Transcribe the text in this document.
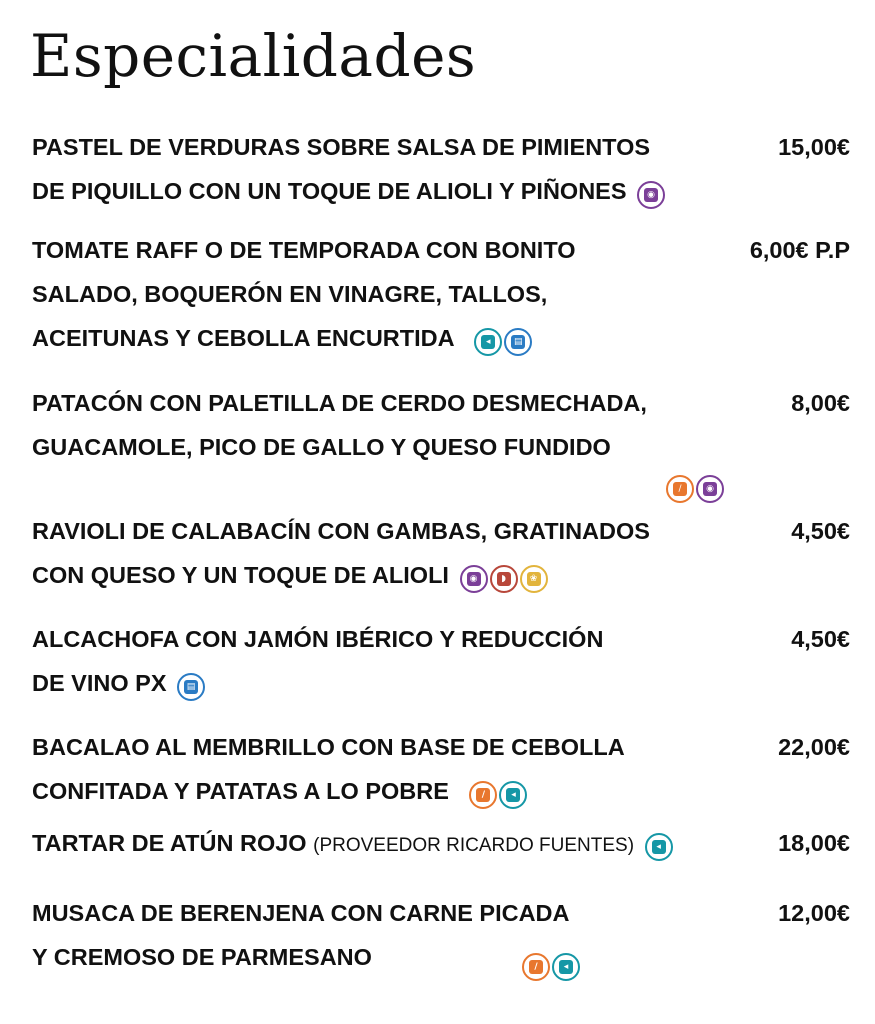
Especialidades
PASTEL DE VERDURAS SOBRE SALSA DE PIMIENTOS	15,00€
DE PIQUILLO CON UN TOQUE DE ALIOLI Y PIÑONES	◉
TOMATE RAFF O DE TEMPORADA CON BONITO	6,00€ P.P
SALADO, BOQUERÓN EN VINAGRE, TALLOS,
ACEITUNAS Y CEBOLLA ENCURTIDA	◂	▤
PATACÓN CON PALETILLA DE CERDO DESMECHADA,	8,00€
GUACAMOLE, PICO DE GALLO Y QUESO FUNDIDO
/	◉
RAVIOLI DE CALABACÍN CON GAMBAS, GRATINADOS	4,50€
CON QUESO Y UN TOQUE DE ALIOLI	◉	◗	❀
ALCACHOFA CON JAMÓN IBÉRICO Y REDUCCIÓN	4,50€
DE VINO PX	▤
BACALAO AL MEMBRILLO CON BASE DE CEBOLLA	22,00€
CONFITADA Y PATATAS A LO POBRE	/	◂
TARTAR DE ATÚN ROJO (PROVEEDOR RICARDO FUENTES)	◂	18,00€
MUSACA DE BERENJENA CON CARNE PICADA	12,00€
Y CREMOSO DE PARMESANO	/	◂
